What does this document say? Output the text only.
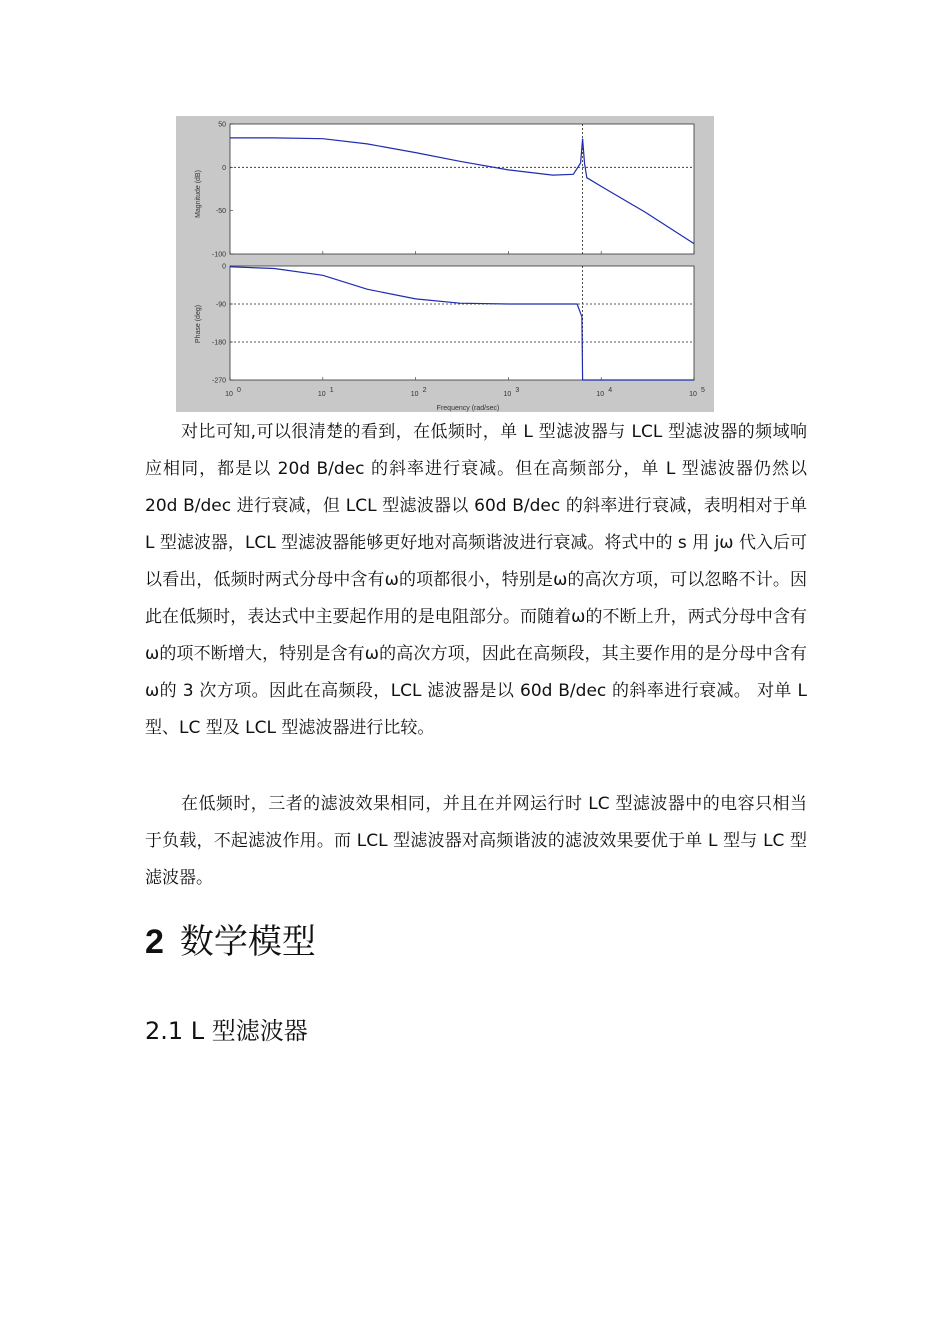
50
0
-50
-100
0
-90
-180
-270
10
0
10
1
10
2
10
3
10
4
10
5
Magnitude (dB)
Phase (deg)
Frequency (rad/sec)

对比可知,可以很清楚的看到，在低频时，单 L 型滤波器与 LCL 型滤波器的频域响应相同，都是以 20d B/dec 的斜率进行衰减。但在高频部分，单 L 型滤波器仍然以 20d B/dec 进行衰减，但 LCL 型滤波器以 60d B/dec 的斜率进行衰减，表明相对于单 L 型滤波器，LCL 型滤波器能够更好地对高频谐波进行衰减。将式中的 s 用 jω 代入后可以看出，低频时两式分母中含有ω的项都很小，特别是ω的高次方项，可以忽略不计。因此在低频时，表达式中主要起作用的是电阻部分。而随着ω的不断上升，两式分母中含有ω的项不断增大，特别是含有ω的高次方项，因此在高频段，其主要作用的是分母中含有ω的 3 次方项。因此在高频段，LCL 滤波器是以 60d B/dec 的斜率进行衰减。 对单 L 型、LC 型及 LCL 型滤波器进行比较。

在低频时，三者的滤波效果相同，并且在并网运行时 LC 型滤波器中的电容只相当于负载，不起滤波作用。而 LCL 型滤波器对高频谐波的滤波效果要优于单 L 型与 LC 型滤波器。

2 数学模型
2.1 L 型滤波器
